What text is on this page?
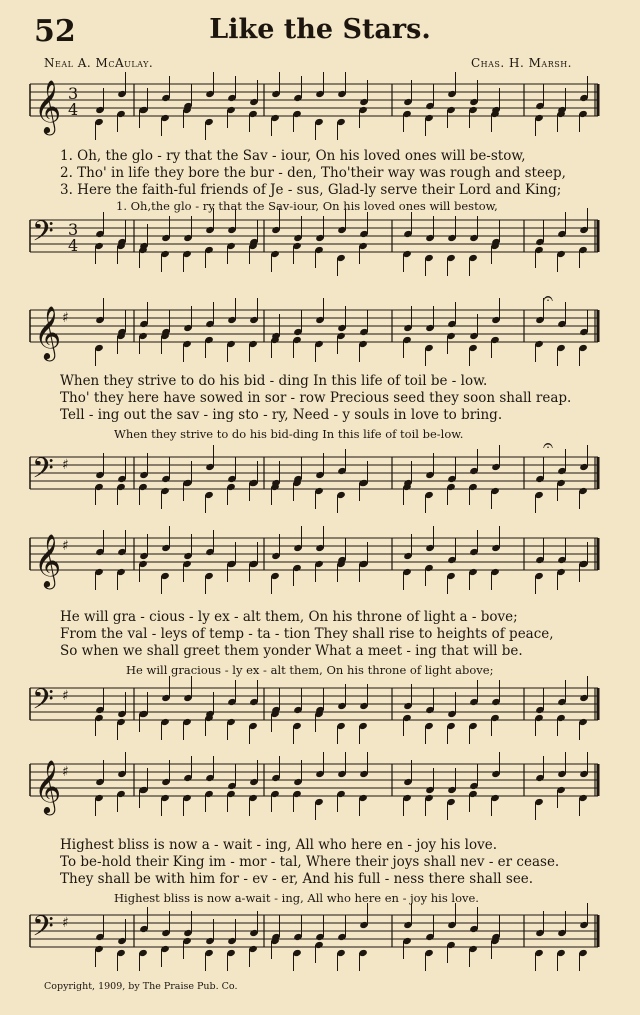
𝄞 3
4
𝄞 ♯
𝄞 ♯
𝄞 ♯
𝄢 3
4
𝄢 ♯
𝄢 ♯
𝄢 ♯
𝄐
𝄐
52	Like the Stars.
Neal A. McAulay.	Chas. H. Marsh.
1. Oh, the glo - ry that the Sav - iour, On his loved ones will be-stow,
2. Tho' in life they bore the bur - den, Tho'their way was rough and steep,
3. Here the faith-ful friends of Je - sus, Glad-ly serve their Lord and King;
1. Oh,the glo - ry that the Sav-iour, On his loved ones will bestow,
When they strive to do his bid - ding In this life of toil be - low.
Tho' they here have sowed in sor - row Precious seed they soon shall reap.
Tell - ing out the sav - ing sto - ry, Need - y souls in love to bring.
When they strive to do his bid-ding In this life of toil be-low.
He will gra - cious - ly ex - alt them, On his throne of light a - bove;
From the val - leys of temp - ta - tion They shall rise to heights of peace,
So when we shall greet them yonder What a meet - ing that will be.
He will gracious - ly ex - alt them, On his throne of light above;
Highest bliss is now a - wait - ing, All who here en - joy his love.
To be-hold their King im - mor - tal, Where their joys shall nev - er cease.
They shall be with him for - ev - er, And his full - ness there shall see.
Highest bliss is now a-wait - ing, All who here en - joy his love.
Copyright, 1909, by The Praise Pub. Co.
